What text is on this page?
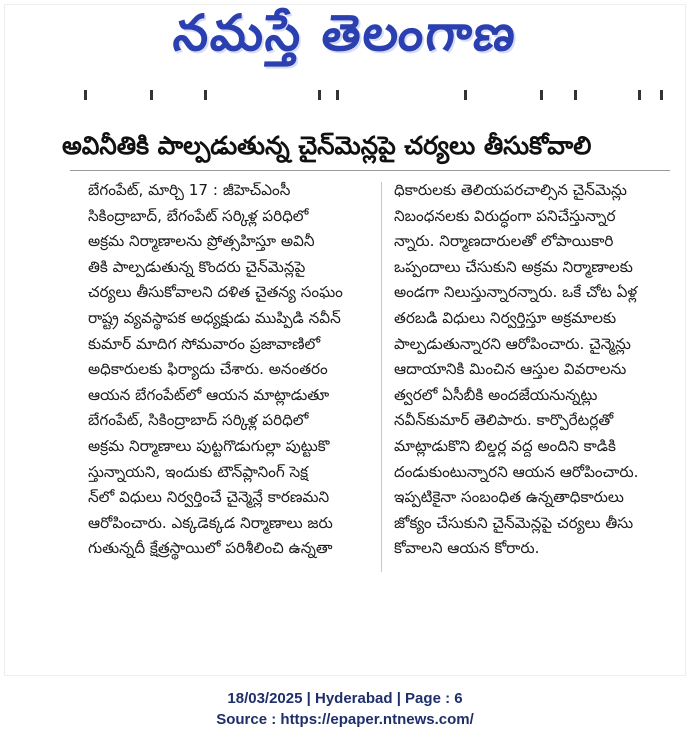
నమస్తే తెలంగాణ
అవినీతికి పాల్పడుతున్న చైన్‌మెన్లపై చర్యలు తీసుకోవాలి
బేగంపేట్, మార్చి 17 : జీహెచ్‌ఎంసీ
సికింద్రాబాద్, బేగంపేట్ సర్కిళ్ల పరిధిలో
అక్రమ నిర్మాణాలను ప్రోత్సహిస్తూ అవినీ
తికి పాల్పడుతున్న కొందరు చైన్‌మెన్లపై
చర్యలు తీసుకోవాలని దళిత చైతన్య సంఘం
రాష్ట్ర వ్యవస్థాపక అధ్యక్షుడు ముప్పిడి నవీన్
కుమార్ మాదిగ సోమవారం ప్రజావాణిలో
అధికారులకు ఫిర్యాదు చేశారు. అనంతరం
ఆయన బేగంపేట్‌లో ఆయన మాట్లాడుతూ
బేగంపేట్, సికింద్రాబాద్ సర్కిళ్ల పరిధిలో
అక్రమ నిర్మాణాలు పుట్టగొడుగుల్లా పుట్టుకొ
స్తున్నాయని, ఇందుకు టౌన్‌ప్లానింగ్ సెక్ష
న్‌లో విధులు నిర్వర్తించే చైన్మెన్లే కారణమని
ఆరోపించారు. ఎక్కడెక్కడ నిర్మాణాలు జరు
గుతున్నదీ క్షేత్రస్థాయిలో పరిశీలించి ఉన్నతా
ధికారులకు తెలియపరచాల్సిన చైన్‌మెన్లు
నిబంధనలకు విరుద్ధంగా పనిచేస్తున్నార
న్నారు. నిర్మాణదారులతో లోపాయికారి
ఒప్పందాలు చేసుకుని అక్రమ నిర్మాణాలకు
అండగా నిలుస్తున్నారన్నారు. ఒకే చోట ఏళ్ల
తరబడి విధులు నిర్వర్తిస్తూ అక్రమాలకు
పాల్పడుతున్నారని ఆరోపించారు. చైన్మెన్లు
ఆదాయానికి మించిన ఆస్తుల వివరాలను
త్వరలో ఏసీబీకి అందజేయనున్నట్లు
నవీన్‌కుమార్ తెలిపారు. కార్పొరేటర్లతో
మాట్లాడుకొని బిల్డర్ల వద్ద అందిని కాడికి
దండుకుంటున్నారని ఆయన ఆరోపించారు.
ఇప్పటికైనా సంబంధిత ఉన్నతాధికారులు
జోక్యం చేసుకుని చైన్‌మెన్లపై చర్యలు తీసు
కోవాలని ఆయన కోరారు.
18/03/2025 | Hyderabad | Page : 6
Source : https://epaper.ntnews.com/
